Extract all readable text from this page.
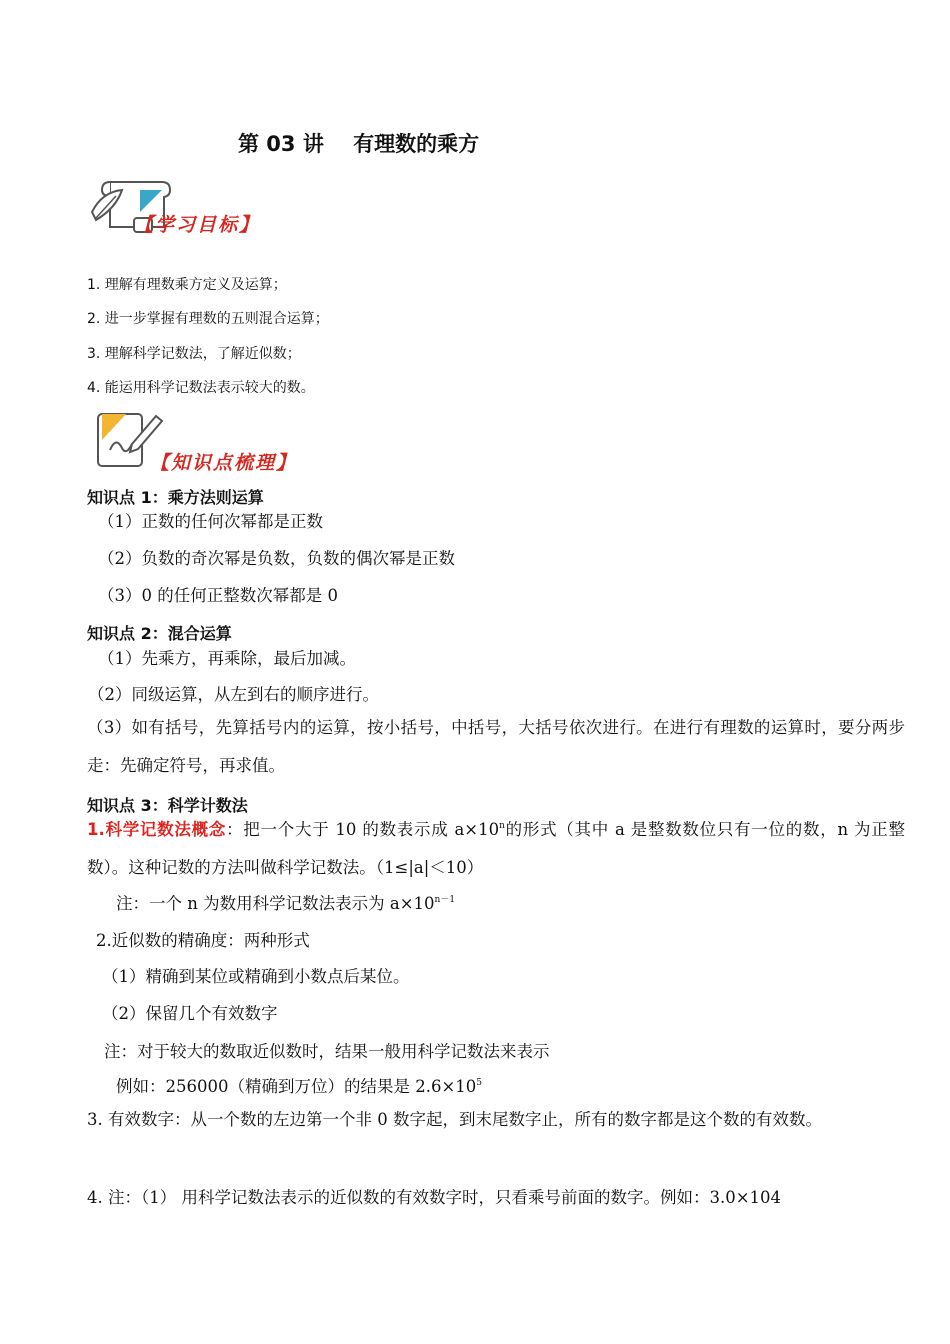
第 03 讲    有理数的乘方
【学习目标】
1. 理解有理数乘方定义及运算；
2. 进一步掌握有理数的五则混合运算；
3. 理解科学记数法，了解近似数；
4. 能运用科学记数法表示较大的数。
【知识点梳理】
知识点 1：乘方法则运算
（1）正数的任何次幂都是正数
（2）负数的奇次幂是负数，负数的偶次幂是正数
（3）0 的任何正整数次幂都是 0
知识点 2：混合运算
（1）先乘方，再乘除，最后加减。
（2）同级运算，从左到右的顺序进行。
（3）如有括号，先算括号内的运算，按小括号，中括号，大括号依次进行。在进行有理数的运算时，要分两步走：先确定符号，再求值。
知识点 3：科学计数法
1.科学记数法概念：把一个大于 10 的数表示成 $a\times 10^n$的形式（其中 a 是整数数位只有一位的数，n 为正整数）。这种记数的方法叫做科学记数法。（1≤|a|＜10）
注：一个 n 为数用科学记数法表示为 $a\times 10^{n-1}$
2.近似数的精确度：两种形式
（1）精确到某位或精确到小数点后某位。
（2）保留几个有效数字
注：对于较大的数取近似数时，结果一般用科学记数法来表示
例如：256000（精确到万位）的结果是 $2.6\times 10^5$
3. 有效数字：从一个数的左边第一个非 0 数字起，到末尾数字止，所有的数字都是这个数的有效数。
4. 注：（1） 用科学记数法表示的近似数的有效数字时，只看乘号前面的数字。例如：3.0×104
